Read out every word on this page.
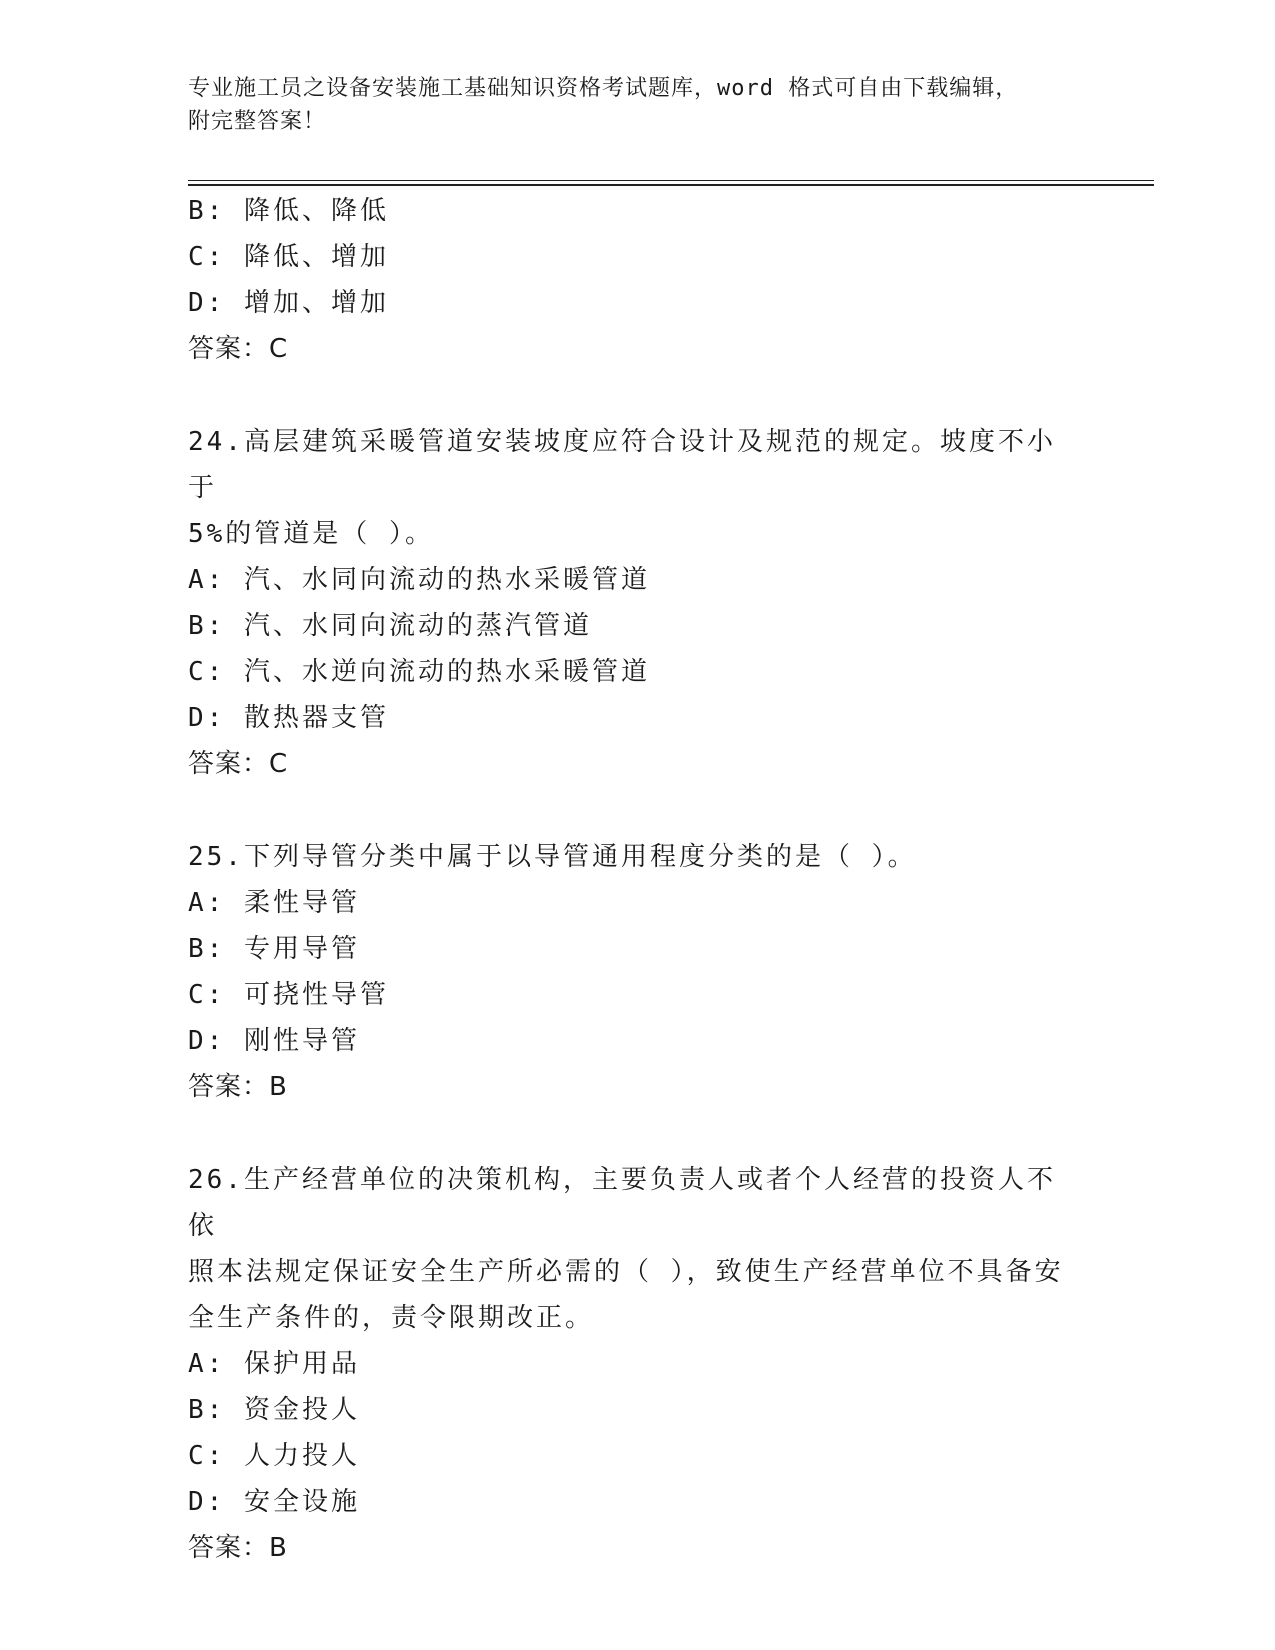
专业施工员之设备安装施工基础知识资格考试题库，word 格式可自由下载编辑，
附完整答案！
B: 降低、降低
C: 降低、增加
D: 增加、增加
答案：C
24.高层建筑采暖管道安装坡度应符合设计及规范的规定。坡度不小于
5%的管道是（ ）。
A: 汽、水同向流动的热水采暖管道
B: 汽、水同向流动的蒸汽管道
C: 汽、水逆向流动的热水采暖管道
D: 散热器支管
答案：C
25.下列导管分类中属于以导管通用程度分类的是（ ）。
A: 柔性导管
B: 专用导管
C: 可挠性导管
D: 刚性导管
答案：B
26.生产经营单位的决策机构，主要负责人或者个人经营的投资人不依
照本法规定保证安全生产所必需的（ ），致使生产经营单位不具备安
全生产条件的，责令限期改正。
A: 保护用品
B: 资金投人
C: 人力投人
D: 安全设施
答案：B
